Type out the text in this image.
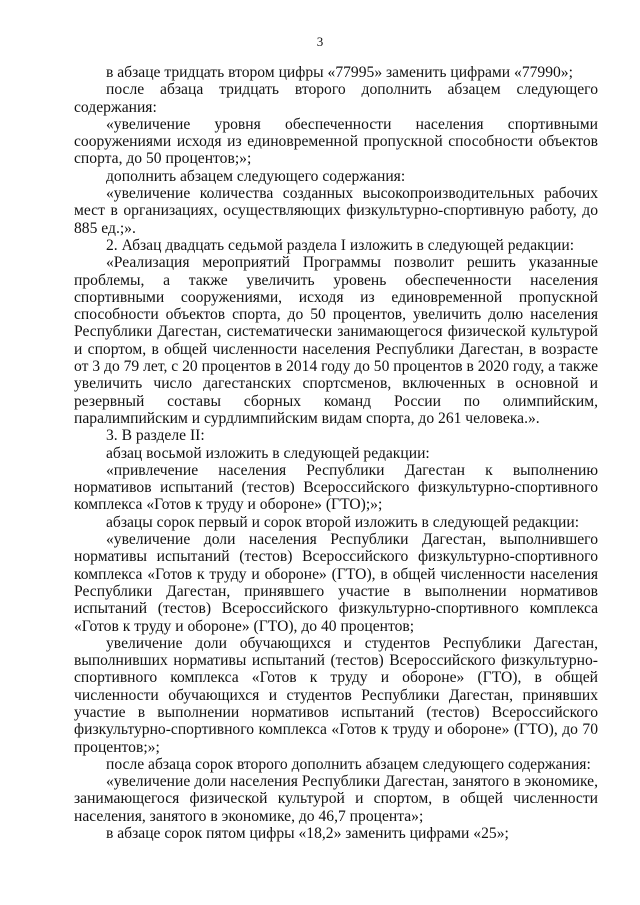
3

в абзаце тридцать втором цифры «77995» заменить цифрами «77990»;

после абзаца тридцать второго дополнить абзацем следующего содержания:

«увеличение уровня обеспеченности населения спортивными сооружениями исходя из единовременной пропускной способности объектов спорта, до 50 процентов;»;

дополнить абзацем следующего содержания:

«увеличение количества созданных высокопроизводительных рабочих мест в организациях, осуществляющих физкультурно-спортивную работу, до 885 ед.;».

2. Абзац двадцать седьмой раздела I изложить в следующей редакции:

«Реализация мероприятий Программы позволит решить указанные проблемы, а также увеличить уровень обеспеченности населения спортивными сооружениями, исходя из единовременной пропускной способности объектов спорта, до 50 процентов, увеличить долю населения Республики Дагестан, систематически занимающегося физической культурой и спортом, в общей численности населения Республики Дагестан, в возрасте от 3 до 79 лет, с 20 процентов в 2014 году до 50 процентов в 2020 году, а также увеличить число дагестанских спортсменов, включенных в основной и резервный составы сборных команд России по олимпийским, паралимпийским и сурдлимпийским видам спорта, до 261 человека.».

3. В разделе II:

абзац восьмой изложить в следующей редакции:

«привлечение населения Республики Дагестан к выполнению нормативов испытаний (тестов) Всероссийского физкультурно-спортивного комплекса «Готов к труду и обороне» (ГТО);»;

абзацы сорок первый и сорок второй изложить в следующей редакции:

«увеличение доли населения Республики Дагестан, выполнившего нормативы испытаний (тестов) Всероссийского физкультурно-спортивного комплекса «Готов к труду и обороне» (ГТО), в общей численности населения Республики Дагестан, принявшего участие в выполнении нормативов испытаний (тестов) Всероссийского физкультурно-спортивного комплекса «Готов к труду и обороне» (ГТО), до 40 процентов;

увеличение доли обучающихся и студентов Республики Дагестан, выполнивших нормативы испытаний (тестов) Всероссийского физкультурно-спортивного комплекса «Готов к труду и обороне» (ГТО), в общей численности обучающихся и студентов Республики Дагестан, принявших участие в выполнении нормативов испытаний (тестов) Всероссийского физкультурно-спортивного комплекса «Готов к труду и обороне» (ГТО), до 70 процентов;»;

после абзаца сорок второго дополнить абзацем следующего содержания:

«увеличение доли населения Республики Дагестан, занятого в экономике, занимающегося физической культурой и спортом, в общей численности населения, занятого в экономике, до 46,7 процента»;

в абзаце сорок пятом цифры «18,2» заменить цифрами «25»;
